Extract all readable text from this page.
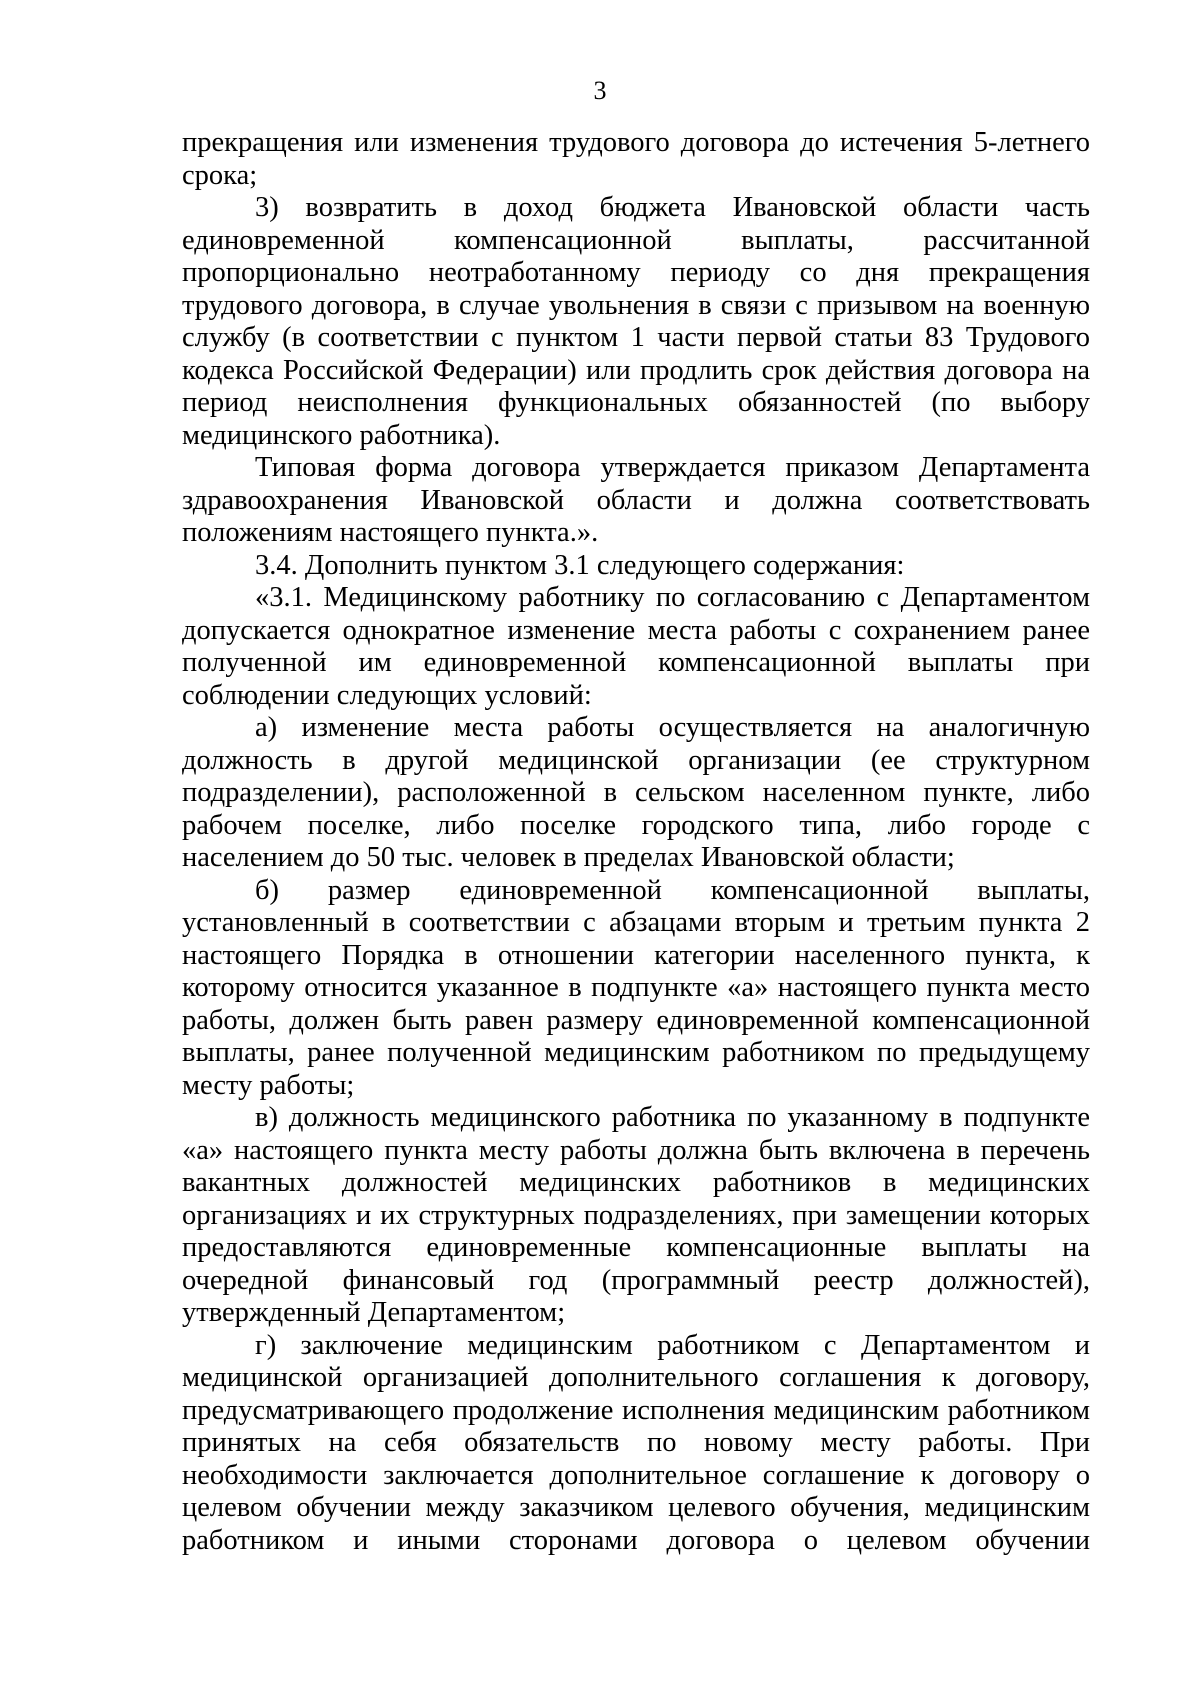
3

прекращения или изменения трудового договора до истечения 5-летнего срока;

3) возвратить в доход бюджета Ивановской области часть единовременной компенсационной выплаты, рассчитанной пропорционально неотработанному периоду со дня прекращения трудового договора, в случае увольнения в связи с призывом на военную службу (в соответствии с пунктом 1 части первой статьи 83 Трудового кодекса Российской Федерации) или продлить срок действия договора на период неисполнения функциональных обязанностей (по выбору медицинского работника).

Типовая форма договора утверждается приказом Департамента здравоохранения Ивановской области и должна соответствовать положениям настоящего пункта.».

3.4. Дополнить пунктом 3.1 следующего содержания:

«3.1. Медицинскому работнику по согласованию с Департаментом допускается однократное изменение места работы с сохранением ранее полученной им единовременной компенсационной выплаты при соблюдении следующих условий:

а) изменение места работы осуществляется на аналогичную должность в другой медицинской организации (ее структурном подразделении), расположенной в сельском населенном пункте, либо рабочем поселке, либо поселке городского типа, либо городе с населением до 50 тыс. человек в пределах Ивановской области;

б) размер единовременной компенсационной выплаты, установленный в соответствии с абзацами вторым и третьим пункта 2 настоящего Порядка в отношении категории населенного пункта, к которому относится указанное в подпункте «а» настоящего пункта место работы, должен быть равен размеру единовременной компенсационной выплаты, ранее полученной медицинским работником по предыдущему месту работы;

в) должность медицинского работника по указанному в подпункте «а» настоящего пункта месту работы должна быть включена в перечень вакантных должностей медицинских работников в медицинских организациях и их структурных подразделениях, при замещении которых предоставляются единовременные компенсационные выплаты на очередной финансовый год (программный реестр должностей), утвержденный Департаментом;

г) заключение медицинским работником с Департаментом и медицинской организацией дополнительного соглашения к договору, предусматривающего продолжение исполнения медицинским работником принятых на себя обязательств по новому месту работы. При необходимости заключается дополнительное соглашение к договору о целевом обучении между заказчиком целевого обучения, медицинским работником и иными сторонами договора о целевом обучении
